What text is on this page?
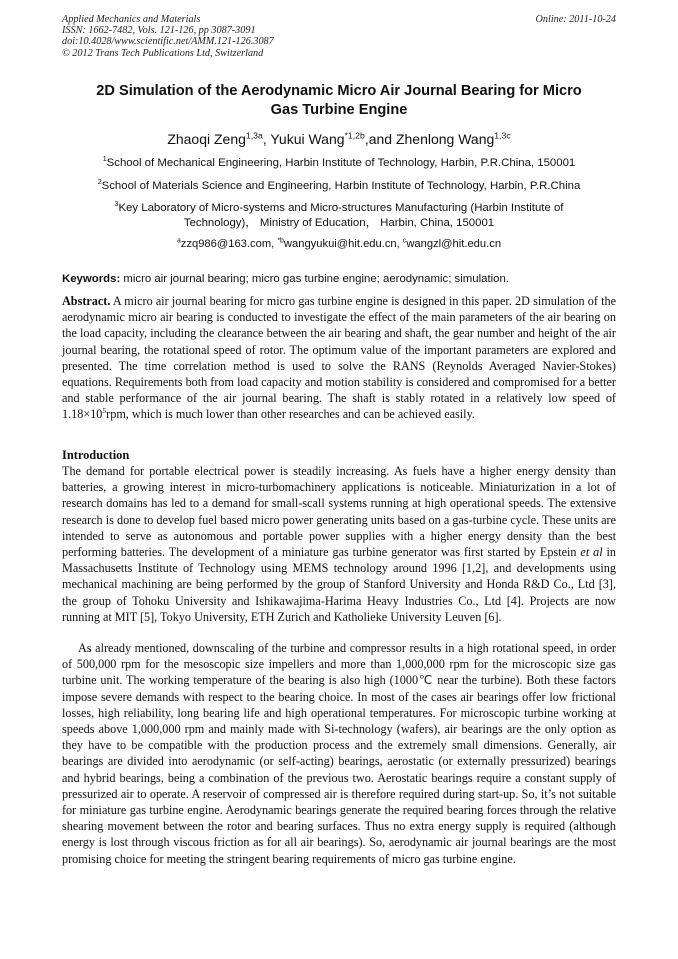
Applied Mechanics and Materials
ISSN: 1662-7482, Vols. 121-126, pp 3087-3091
doi:10.4028/www.scientific.net/AMM.121-126.3087
© 2012 Trans Tech Publications Ltd, Switzerland
Online: 2011-10-24
2D Simulation of the Aerodynamic Micro Air Journal Bearing for Micro
Gas Turbine Engine
Zhaoqi Zeng$^{1,3a}$, Yukui Wang$^{*1,2b}$,and Zhenlong Wang$^{1,3c}$
$^1$School of Mechanical Engineering, Harbin Institute of Technology, Harbin, P.R.China, 150001
$^2$School of Materials Science and Engineering, Harbin Institute of Technology, Harbin, P.R.China
$^3$Key Laboratory of Micro-systems and Micro-structures Manufacturing (Harbin Institute of
Technology)， Ministry of Education， Harbin, China, 150001
$^a$zzq986@163.com, $^{*b}$wangyukui@hit.edu.cn, $^c$wangzl@hit.edu.cn
Keywords: micro air journal bearing; micro gas turbine engine; aerodynamic; simulation.
Abstract. A micro air journal bearing for micro gas turbine engine is designed in this paper. 2D simulation of the aerodynamic micro air bearing is conducted to investigate the effect of the main parameters of the air bearing on the load capacity, including the clearance between the air bearing and shaft, the gear number and height of the air journal bearing, the rotational speed of rotor. The optimum value of the important parameters are explored and presented. The time correlation method is used to solve the RANS (Reynolds Averaged Navier-Stokes) equations. Requirements both from load capacity and motion stability is considered and compromised for a better and stable performance of the air journal bearing. The shaft is stably rotated in a relatively low speed of $1.18\times 10^5rpm$, which is much lower than other researches and can be achieved easily.
Introduction
The demand for portable electrical power is steadily increasing. As fuels have a higher energy density than batteries, a growing interest in micro-turbomachinery applications is noticeable. Miniaturization in a lot of research domains has led to a demand for small-scall systems running at high operational speeds. The extensive research is done to develop fuel based micro power generating units based on a gas-turbine cycle. These units are intended to serve as autonomous and portable power supplies with a higher energy density than the best performing batteries. The development of a miniature gas turbine generator was first started by Epstein et al in Massachusetts Institute of Technology using MEMS technology around 1996 [1,2], and developments using mechanical machining are being performed by the group of Stanford University and Honda R&D Co., Ltd [3], the group of Tohoku University and Ishikawajima-Harima Heavy Industries Co., Ltd [4]. Projects are now running at MIT [5], Tokyo University, ETH Zurich and Katholieke University Leuven [6].
As already mentioned, downscaling of the turbine and compressor results in a high rotational speed, in order of 500,000 rpm for the mesoscopic size impellers and more than 1,000,000 rpm for the microscopic size gas turbine unit. The working temperature of the bearing is also high (1000℃ near the turbine). Both these factors impose severe demands with respect to the bearing choice. In most of the cases air bearings offer low frictional losses, high reliability, long bearing life and high operational temperatures. For microscopic turbine working at speeds above 1,000,000 rpm and mainly made with Si-technology (wafers), air bearings are the only option as they have to be compatible with the production process and the extremely small dimensions. Generally, air bearings are divided into aerodynamic (or self-acting) bearings, aerostatic (or externally pressurized) bearings and hybrid bearings, being a combination of the previous two. Aerostatic bearings require a constant supply of pressurized air to operate. A reservoir of compressed air is therefore required during start-up. So, it’s not suitable for miniature gas turbine engine. Aerodynamic bearings generate the required bearing forces through the relative shearing movement between the rotor and bearing surfaces. Thus no extra energy supply is required (although energy is lost through viscous friction as for all air bearings). So, aerodynamic air journal bearings are the most promising choice for meeting the stringent bearing requirements of micro gas turbine engine.
